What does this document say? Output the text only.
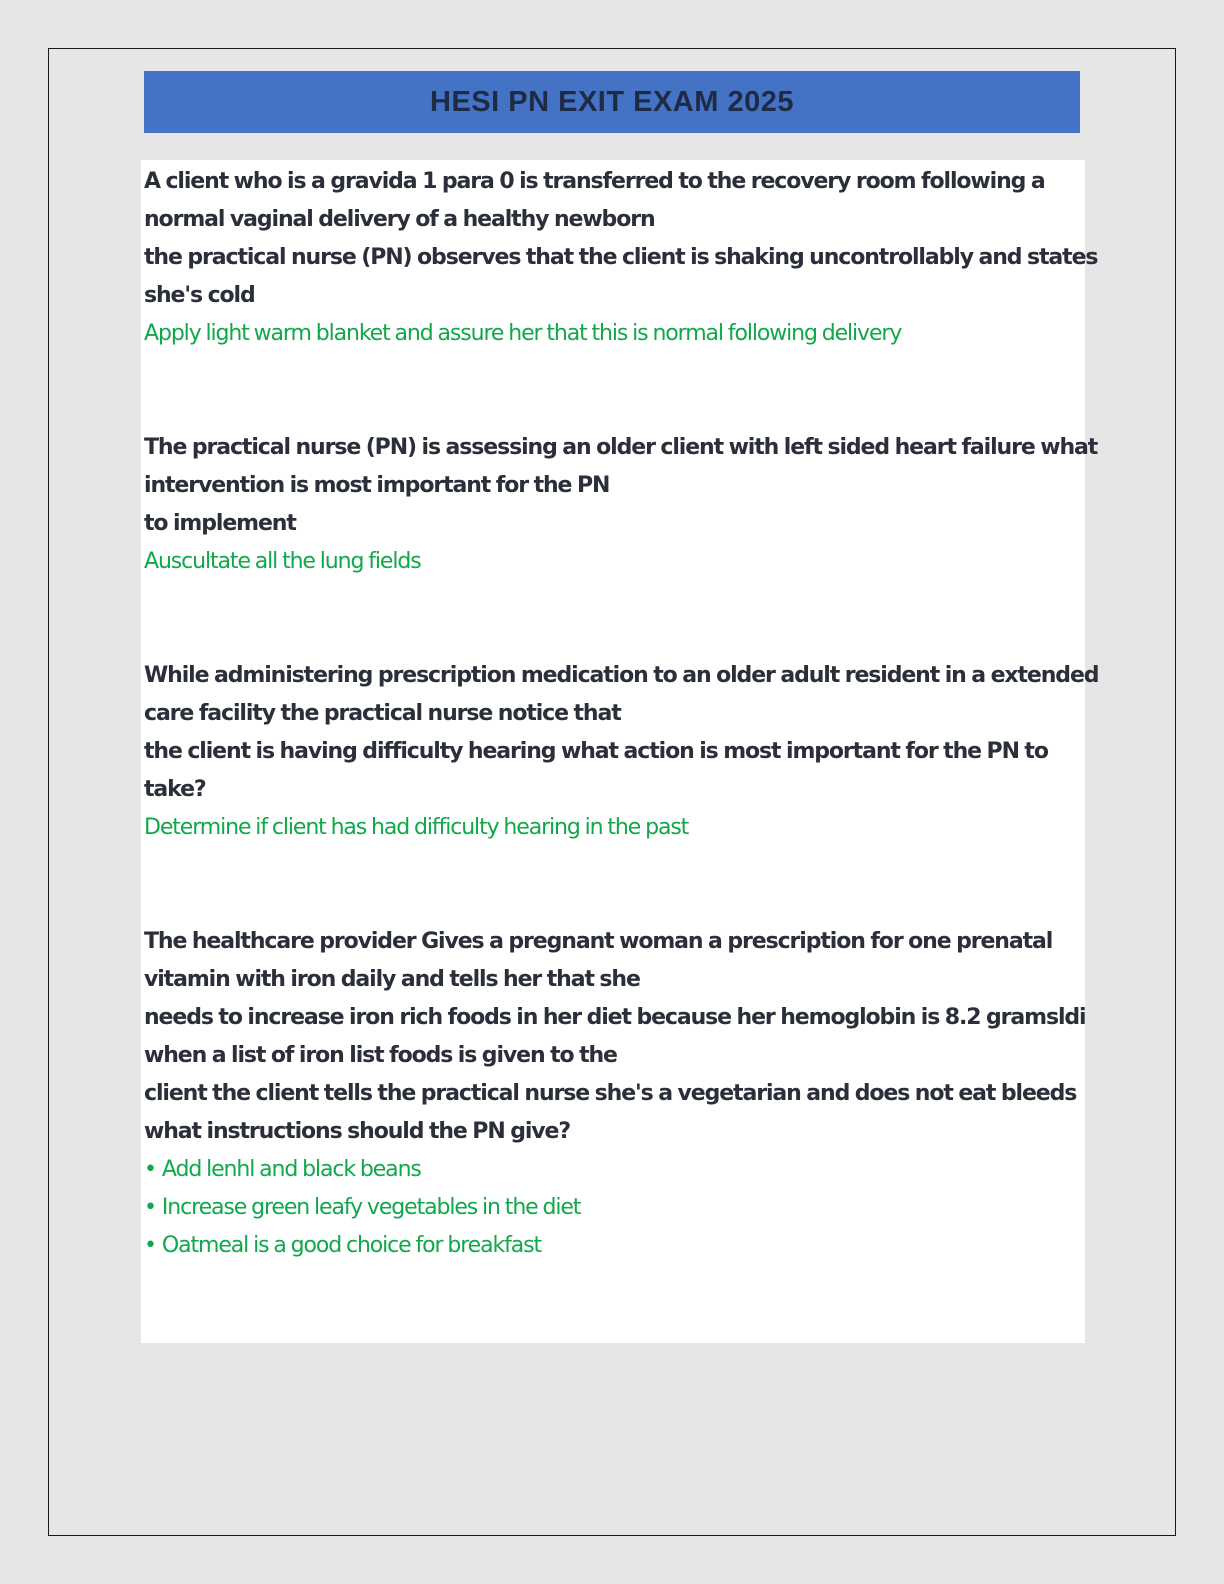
HESI PN EXIT EXAM 2025
A client who is a gravida 1 para 0 is transferred to the recovery room following a
normal vaginal delivery of a healthy newborn
the practical nurse (PN) observes that the client is shaking uncontrollably and states
she's cold
Apply light warm blanket and assure her that this is normal following delivery
The practical nurse (PN) is assessing an older client with left sided heart failure what
intervention is most important for the PN
to implement
Auscultate all the lung fields
While administering prescription medication to an older adult resident in a extended
care facility the practical nurse notice that
the client is having difficulty hearing what action is most important for the PN to
take?
Determine if client has had difficulty hearing in the past
The healthcare provider Gives a pregnant woman a prescription for one prenatal
vitamin with iron daily and tells her that she
needs to increase iron rich foods in her diet because her hemoglobin is 8.2 gramsldi
when a list of iron list foods is given to the
client the client tells the practical nurse she's a vegetarian and does not eat bleeds
what instructions should the PN give?
• Add lenhl and black beans
• Increase green leafy vegetables in the diet
• Oatmeal is a good choice for breakfast
